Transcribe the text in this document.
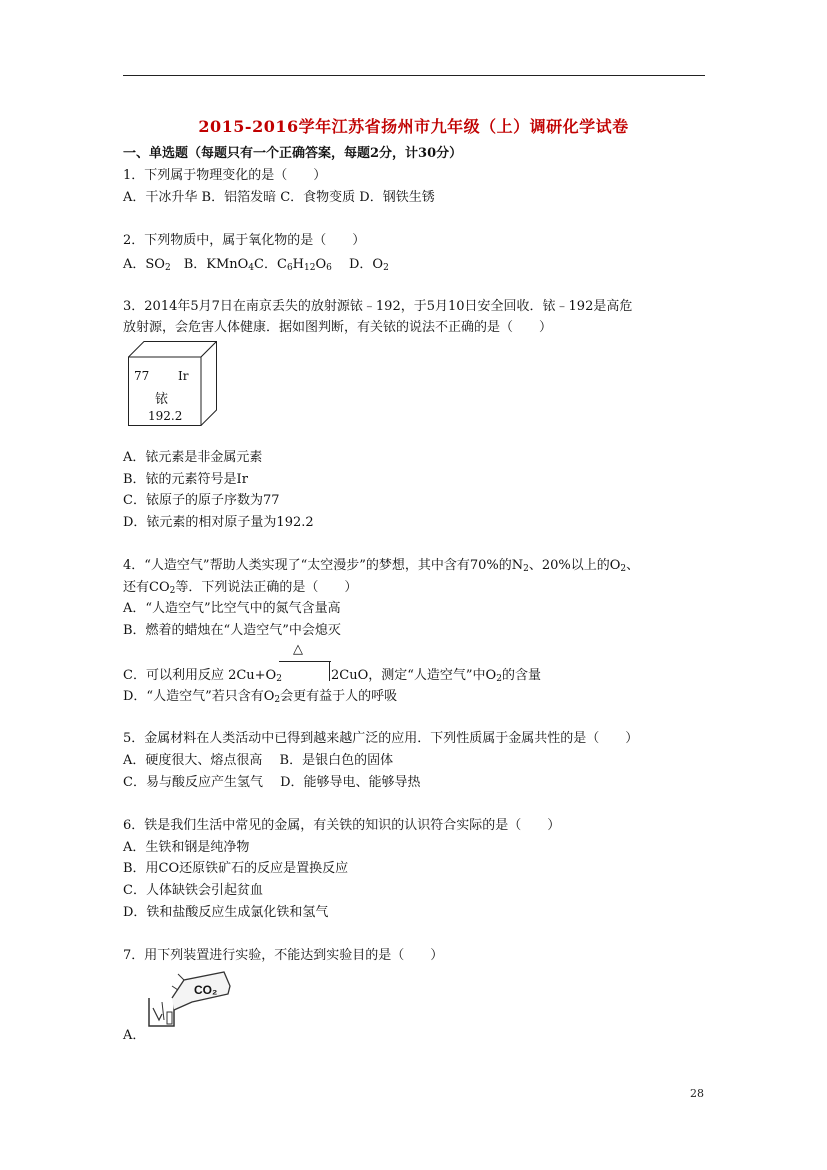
2015-2016学年江苏省扬州市九年级（上）调研化学试卷
一、单选题（每题只有一个正确答案，每题2分，计30分）
1．下列属于物理变化的是（　　）
A．干冰升华 B．铝箔发暗 C．食物变质 D．钢铁生锈
2．下列物质中，属于氧化物的是（　　）
A．$SO_2$　B．KMnO$_4$C．$C_6H_{12}O_6$　 D．$O_2$
3．2014年5月7日在南京丢失的放射源铱﹣192，于5月10日安全回收．铱﹣192是高危
放射源，会危害人体健康．据如图判断，有关铱的说法不正确的是（　　）
77 Ir
铱
192.2
A．铱元素是非金属元素
B．铱的元素符号是Ir
C．铱原子的原子序数为77
D．铱元素的相对原子量为192.2
4．“人造空气”帮助人类实现了“太空漫步”的梦想，其中含有70%的$N_2$、20%以上的$O_2$、
还有$CO_2$等．下列说法正确的是（　　）
A．“人造空气”比空气中的氮气含量高
B．燃着的蜡烛在“人造空气”中会熄灭
△
C．可以利用反应 $2Cu+O_2$	2CuO，测定“人造空气”中$O_2$的含量
D．“人造空气”若只含有$O_2$会更有益于人的呼吸
5．金属材料在人类活动中已得到越来越广泛的应用．下列性质属于金属共性的是（　　）
A．硬度很大、熔点很高　 B．是银白色的固体
C．易与酸反应产生氢气　 D．能够导电、能够导热
6．铁是我们生活中常见的金属，有关铁的知识的认识符合实际的是（　　）
A．生铁和钢是纯净物
B．用CO还原铁矿石的反应是置换反应
C．人体缺铁会引起贫血
D．铁和盐酸反应生成氯化铁和氢气
7．用下列装置进行实验，不能达到实验目的是（　　）
CO₂
A．
28
